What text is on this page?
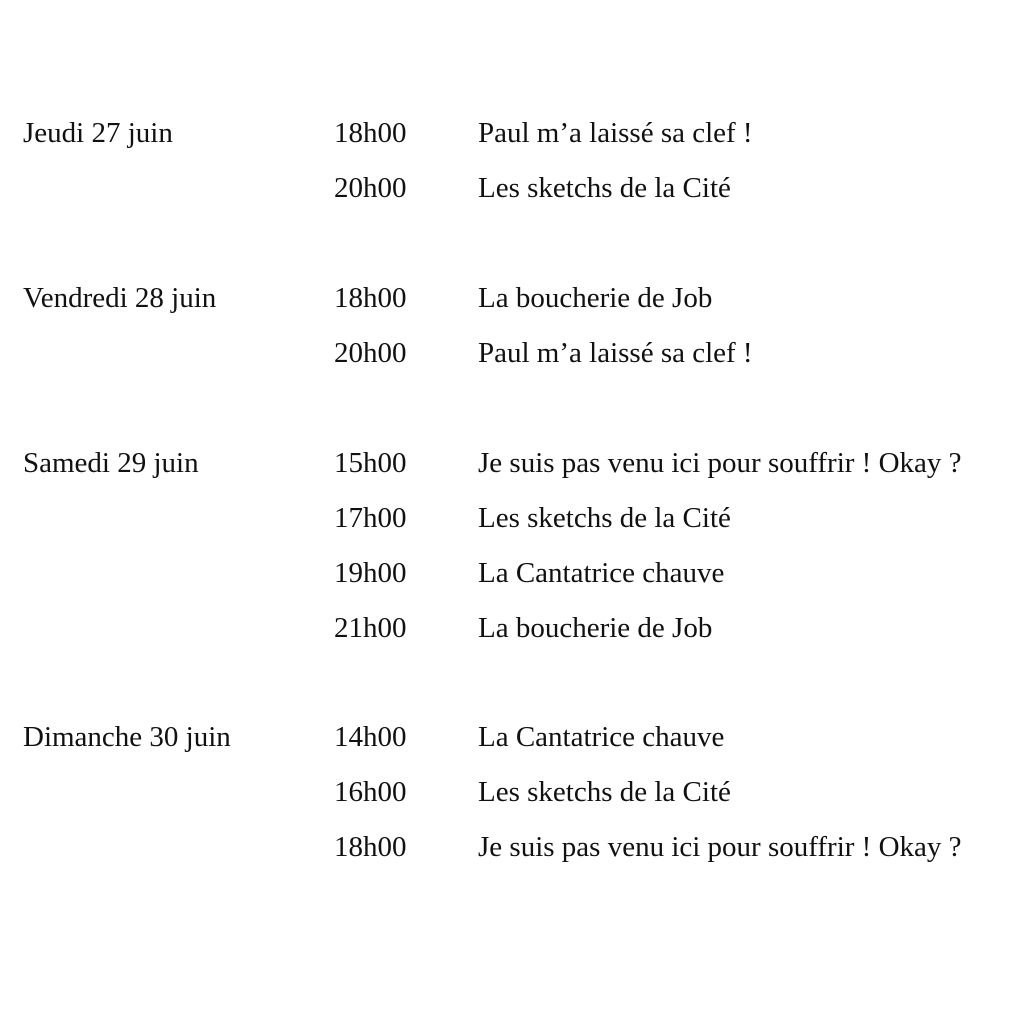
Jeudi 27 juin	18h00 Paul m’a laissé sa clef !
20h00 Les sketchs de la Cité
Vendredi 28 juin	18h00 La boucherie de Job
20h00 Paul m’a laissé sa clef !
Samedi 29 juin	15h00 Je suis pas venu ici pour souffrir ! Okay ?
17h00 Les sketchs de la Cité
19h00 La Cantatrice chauve
21h00 La boucherie de Job
Dimanche 30 juin	14h00 La Cantatrice chauve
16h00 Les sketchs de la Cité
18h00 Je suis pas venu ici pour souffrir ! Okay ?
